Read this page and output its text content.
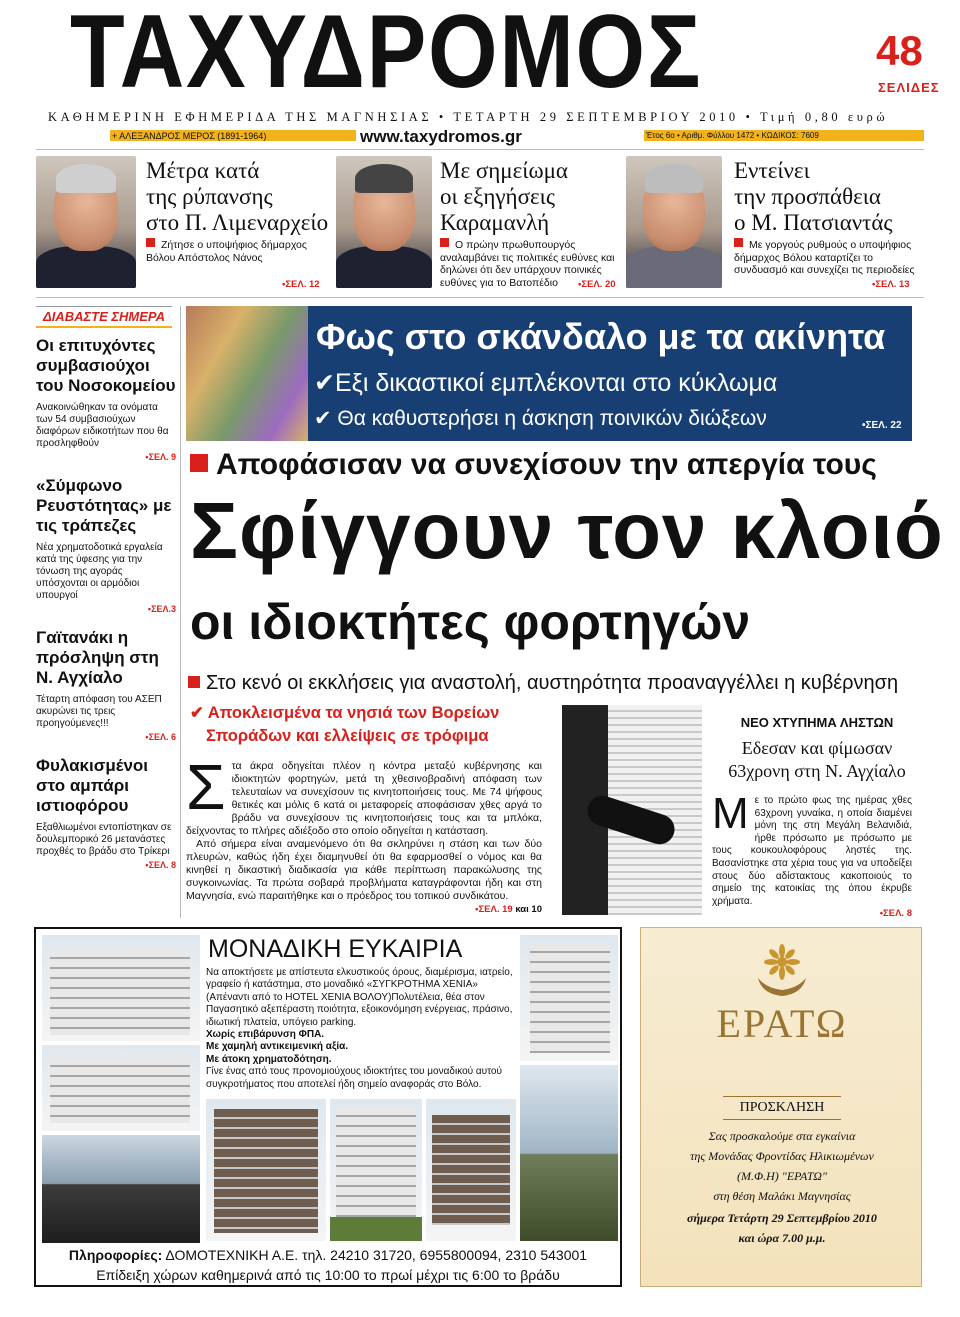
ΤΑΧΥΔΡΟΜΟΣ	48
ΣΕΛΙΔΕΣ
ΚΑΘΗΜΕΡΙΝΗ ΕΦΗΜΕΡΙΔΑ ΤΗΣ ΜΑΓΝΗΣΙΑΣ • ΤΕΤΑΡΤΗ 29 ΣΕΠΤΕΜΒΡΙΟΥ 2010 • Τιμή 0,80 ευρώ
+ ΑΛΕΞΑΝΔΡΟΣ ΜΕΡΟΣ (1891-1964)	www.taxydromos.gr	Έτος 6ο • Αριθμ. Φύλλου 1472 • ΚΩΔΙΚΟΣ: 7609
Μέτρα κατά
της ρύπανσης
στο Π. Λιμεναρχείο
Ζήτησε ο υποψήφιος δήμαρχος Βόλου Απόστολος Νάνος
•ΣΕΛ. 12
Με σημείωμα
οι εξηγήσεις
Καραμανλή
Ο πρώην πρωθυπουργός αναλαμβάνει τις πολιτικές ευθύνες και δηλώνει ότι δεν υπάρχουν ποινικές ευθύνες για το Βατοπέδιο	•ΣΕΛ. 20
Εντείνει
την προσπάθεια
ο Μ. Πατσιαντάς
Με γοργούς ρυθμούς ο υποψήφιος δήμαρχος Βόλου καταρτίζει το συνδυασμό και συνεχίζει τις περιοδείες
•ΣΕΛ. 13
ΔΙΑΒΑΣΤΕ ΣΗΜΕΡΑ
Οι επιτυχόντες συμβασιούχοι του Νοσοκομείου
Ανακοινώθηκαν τα ονόματα των 54 συμβασιούχων διαφόρων ειδικοτήτων που θα προσληφθούν
•ΣΕΛ. 9
«Σύμφωνο Ρευστότητας» με τις τράπεζες
Νέα χρηματοδοτικά εργαλεία κατά της ύφεσης για την τόνωση της αγοράς υπόσχονται οι αρμόδιοι υπουργοί
•ΣΕΛ.3
Γαϊτανάκι η πρόσληψη στη Ν. Αγχίαλο
Τέταρτη απόφαση του ΑΣΕΠ ακυρώνει τις τρεις προηγούμενες!!!
•ΣΕΛ. 6
Φυλακισμένοι στο αμπάρι ιστιοφόρου
Εξαθλιωμένοι εντοπίστηκαν σε δουλεμπορικό 26 μετανάστες προχθές το βράδυ στο Τρίκερι
•ΣΕΛ. 8
Φως στο σκάνδαλο με τα ακίνητα
✔Εξι δικαστικοί εμπλέκονται στο κύκλωμα
✔ Θα καθυστερήσει η άσκηση ποινικών διώξεων	•ΣΕΛ. 22
Αποφάσισαν να συνεχίσουν την απεργία τους
Σφίγγουν τον κλοιό
οι ιδιοκτήτες φορτηγών
Στο κενό οι εκκλήσεις για αναστολή, αυστηρότητα προαναγγέλλει η κυβέρνηση
✔ Αποκλεισμένα τα νησιά των Βορείων
Σποράδων και ελλείψεις σε τρόφιμα
Σ τα άκρα οδηγείται πλέον η κόντρα μεταξύ κυβέρνησης και ιδιοκτητών φορτηγών, μετά τη χθεσινοβραδινή απόφαση των τελευταίων να συνεχίσουν τις κινητοποιήσεις τους. Με 74 ψήφους θετικές και μόλις 6 κατά οι μεταφορείς αποφάσισαν χθες αργά το βράδυ να συνεχίσουν τις κινητοποιήσεις τους και τα μπλόκα, δείχνοντας το πλήρες αδιέξοδο στο οποίο οδηγείται η κατάσταση.
Από σήμερα είναι αναμενόμενο ότι θα σκληρύνει η στάση και των δύο πλευρών, καθώς ήδη έχει διαμηνυθεί ότι θα εφαρμοσθεί ο νόμος και θα κινηθεί η δικαστική διαδικασία για κάθε περίπτωση παρακώλυσης της συγκοινωνίας. Τα πρώτα σοβαρά προβλήματα καταγράφονται ήδη και στη Μαγνησία, ενώ παραιτήθηκε και ο πρόεδρος του τοπικού συνδικάτου.
•ΣΕΛ. 19 και 10
ΝΕΟ ΧΤΥΠΗΜΑ ΛΗΣΤΩΝ
Εδεσαν και φίμωσαν
63χρονη στη Ν. Αγχίαλο
Μ ε το πρώτο φως της ημέρας χθες 63χρονη γυναίκα, η οποία διαμένει μόνη της στη Μεγάλη Βελανιδιά, ήρθε πρόσωπο με πρόσωπο με τους κουκουλοφόρους ληστές της. Βασανίστηκε στα χέρια τους για να υποδείξει στους δύο αδίστακτους κακοποιούς το σημείο της κατοικίας της όπου έκρυβε χρήματα.
•ΣΕΛ. 8
ΜΟΝΑΔΙΚΗ ΕΥΚΑΙΡΙΑ
Να αποκτήσετε με απίστευτα ελκυστικούς όρους, διαμέρισμα, ιατρείο, γραφείο ή κατάστημα, στο μοναδικό «ΣΥΓΚΡΟΤΗΜΑ ΧΕΝΙΑ» (Απέναντι από το HOTEL XENIA ΒΟΛΟΥ)Πολυτέλεια, θέα στον Παγασητικό αξεπέραστη ποιότητα, εξοικονόμηση ενέργειας, πράσινο, ιδιωτική πλατεία, υπόγειο parking.
Χωρίς επιβάρυνση ΦΠΑ.
Με χαμηλή αντικειμενική αξία.
Με άτοκη χρηματοδότηση.
Γίνε ένας από τους προνομιούχους ιδιοκτήτες του μοναδικού αυτού συγκροτήματος που αποτελεί ήδη σημείο αναφοράς στο Βόλο.
Πληροφορίες: ΔΟΜΟΤΕΧΝΙΚΗ Α.Ε. τηλ. 24210 31720, 6955800094, 2310 543001
Επίδειξη χώρων καθημερινά από τις 10:00 το πρωί μέχρι τις 6:00 το βράδυ
ΕΡΑΤΩ
ΠΡΟΣΚΛΗΣΗ
Σας προσκαλούμε στα εγκαίνια
της Μονάδας Φροντίδας Ηλικιωμένων
(Μ.Φ.Η) "ΕΡΑΤΩ"
στη θέση Μαλάκι Μαγνησίας
σήμερα Τετάρτη 29 Σεπτεμβρίου 2010
και ώρα 7.00 μ.μ.
